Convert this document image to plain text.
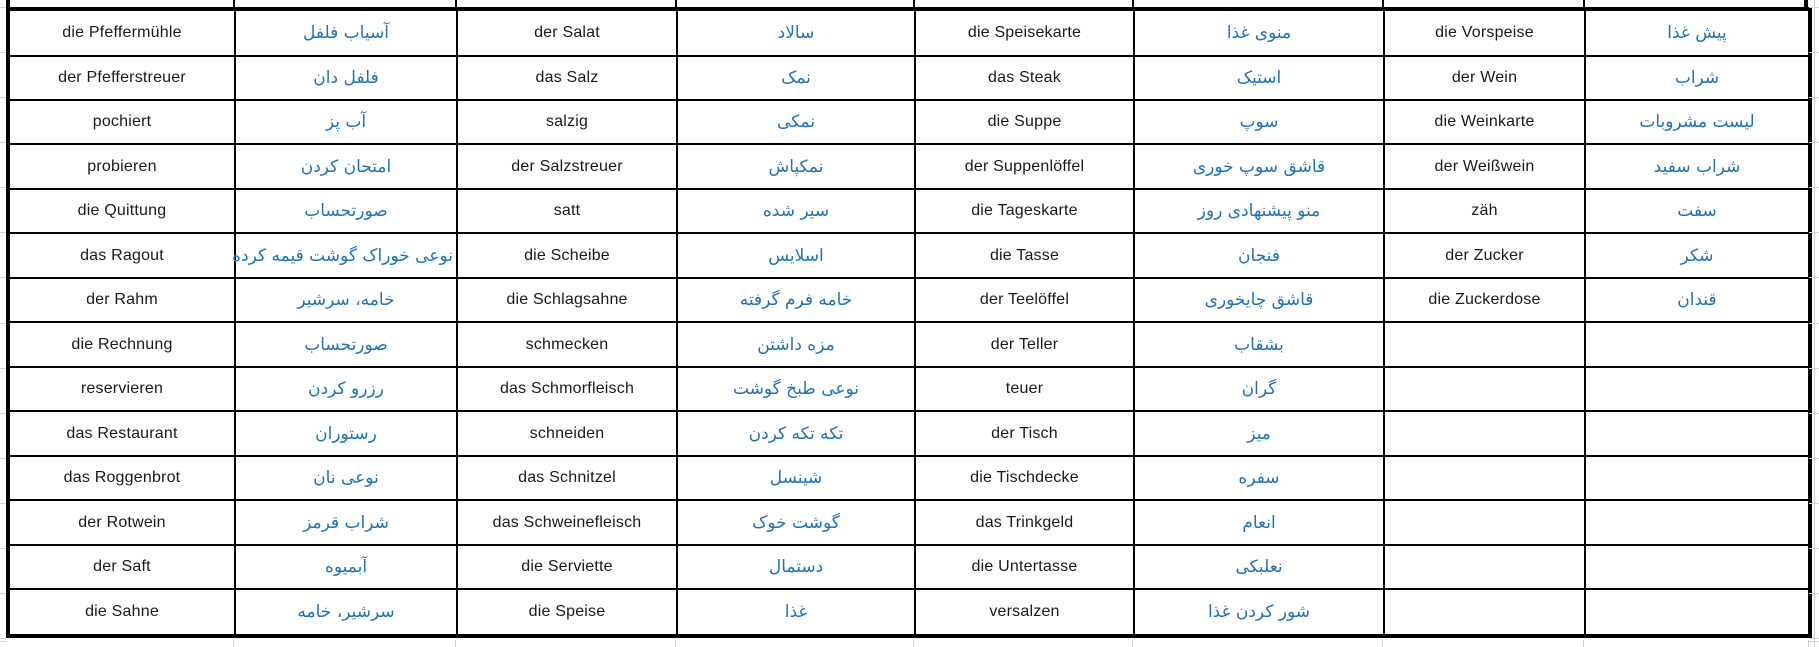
die Pfeffermühle	آسیاب فلفل	der Salat	سالاد	die Speisekarte	منوی غذا	die Vorspeise	پیش غذا
der Pfefferstreuer	فلفل دان	das Salz	نمک	das Steak	استیک	der Wein	شراب
pochiert	آب پز	salzig	نمکی	die Suppe	سوپ	die Weinkarte	لیست مشروبات
probieren	امتحان کردن	der Salzstreuer	نمکپاش	der Suppenlöffel	قاشق سوپ خوری	der Weißwein	شراب سفید
die Quittung	صورتحساب	satt	سیر شده	die Tageskarte	منو پیشنهادی روز	zäh	سفت
das Ragout	نوعی خوراک گوشت قیمه کرده	die Scheibe	اسلایس	die Tasse	فنجان	der Zucker	شکر
der Rahm	خامه، سرشیر	die Schlagsahne	خامه فرم گرفته	der Teelöffel	قاشق چایخوری	die Zuckerdose	قندان
die Rechnung	صورتحساب	schmecken	مزه داشتن	der Teller	بشقاب		
reservieren	رزرو کردن	das Schmorfleisch	نوعی طبخ گوشت	teuer	گران		
das Restaurant	رستوران	schneiden	تکه تکه کردن	der Tisch	میز		
das Roggenbrot	نوعی نان	das Schnitzel	شینسل	die Tischdecke	سفره		
der Rotwein	شراب قرمز	das Schweinefleisch	گوشت خوک	das Trinkgeld	انعام		
der Saft	آبمیوه	die Serviette	دستمال	die Untertasse	نعلبکی		
die Sahne	سرشیر، خامه	die Speise	غذا	versalzen	شور کردن غذا		
